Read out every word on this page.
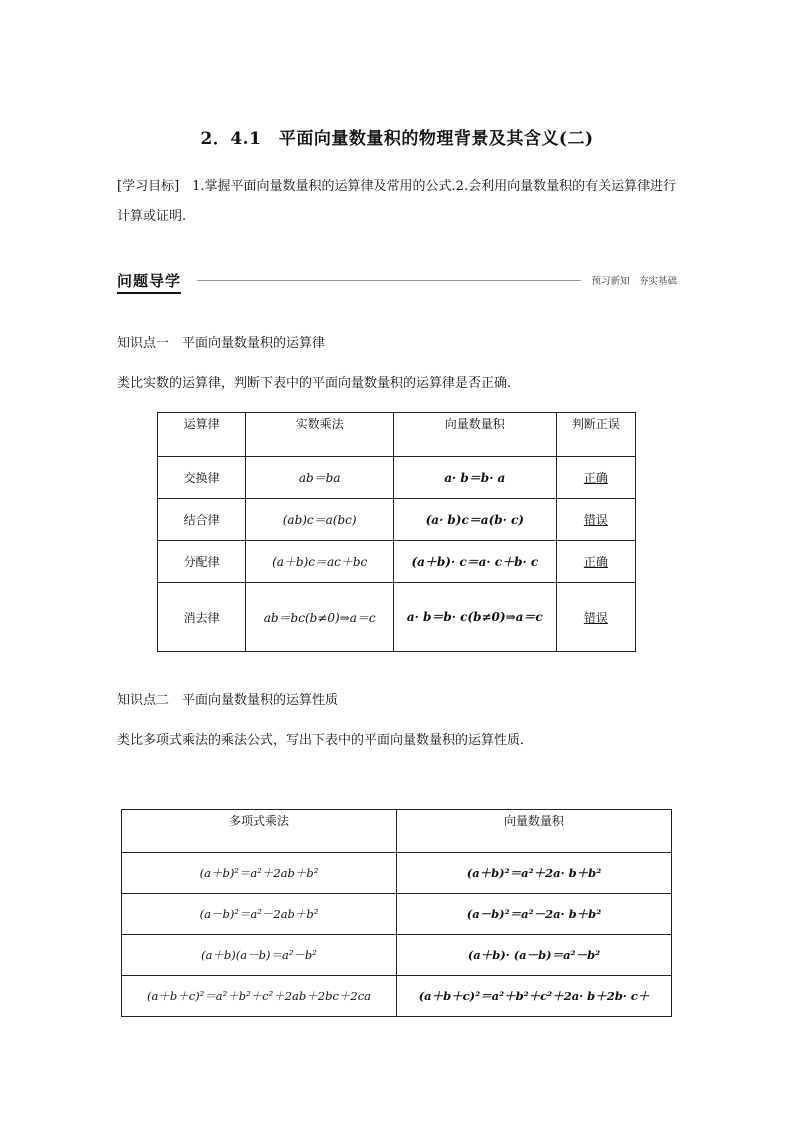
2．4.1　平面向量数量积的物理背景及其含义(二)
[学习目标]　1.掌握平面向量数量积的运算律及常用的公式.2.会利用向量数量积的有关运算律进行计算或证明.
问题导学	预习新知　夯实基础
知识点一　平面向量数量积的运算律
类比实数的运算律，判断下表中的平面向量数量积的运算律是否正确.
运算律	实数乘法	向量数量积	判断正误
交换律	ab＝ba	a· b＝b· a	正确
结合律	(ab)c＝a(bc)	(a· b)c＝a(b· c)	错误
分配律	(a＋b)c＝ac＋bc	(a＋b)· c＝a· c＋b· c	正确
消去律	ab＝bc(b≠0)⇒a＝c	a· b＝b· c(b≠0)⇒a＝c	错误
知识点二　平面向量数量积的运算性质
类比多项式乘法的乘法公式，写出下表中的平面向量数量积的运算性质．
多项式乘法	向量数量积
(a＋b)²＝a²＋2ab＋b²	(a＋b)²＝a²＋2a· b＋b²
(a－b)²＝a²－2ab＋b²	(a－b)²＝a²－2a· b＋b²
(a＋b)(a－b)＝a²－b²	(a＋b)· (a－b)＝a²－b²
(a＋b＋c)²＝a²＋b²＋c²＋2ab＋2bc＋2ca	(a＋b＋c)²＝a²＋b²＋c²＋2a· b＋2b· c＋
